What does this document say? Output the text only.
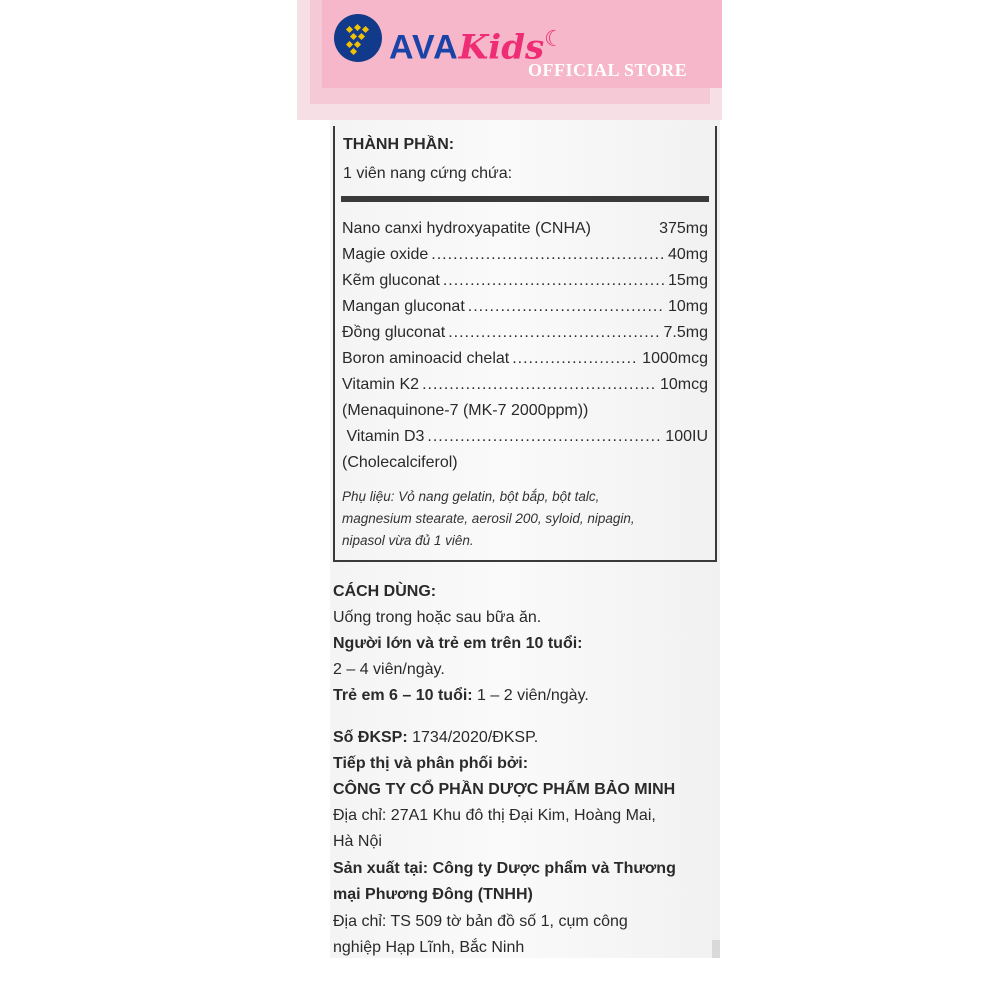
AVAKids☾
OFFICIAL STORE
THÀNH PHẦN:
1 viên nang cứng chứa:
Nano canxi hydroxyapatite (CNHA)	375mg
Magie oxide .....	40mg
Kẽm gluconat .....	15mg
Mangan gluconat .....	10mg
Đồng gluconat .....	7.5mg
Boron aminoacid chelat .....	1000mcg
Vitamin K2 .....	10mcg
(Menaquinone-7 (MK-7 2000ppm))
Vitamin D3 .....	100IU
(Cholecalciferol)
Phụ liệu: Vỏ nang gelatin, bột bắp, bột talc,
magnesium stearate, aerosil 200, syloid, nipagin,
nipasol vừa đủ 1 viên.
CÁCH DÙNG:
Uống trong hoặc sau bữa ăn.
Người lớn và trẻ em trên 10 tuổi:
2 – 4 viên/ngày.
Trẻ em 6 – 10 tuổi: 1 – 2 viên/ngày.
Số ĐKSP: 1734/2020/ĐKSP.
Tiếp thị và phân phối bởi:
CÔNG TY CỔ PHẦN DƯỢC PHẨM BẢO MINH
Địa chỉ: 27A1 Khu đô thị Đại Kim, Hoàng Mai,
Hà Nội
Sản xuất tại: Công ty Dược phẩm và Thương
mại Phương Đông (TNHH)
Địa chỉ: TS 509 tờ bản đồ số 1, cụm công
nghiệp Hạp Lĩnh, Bắc Ninh
